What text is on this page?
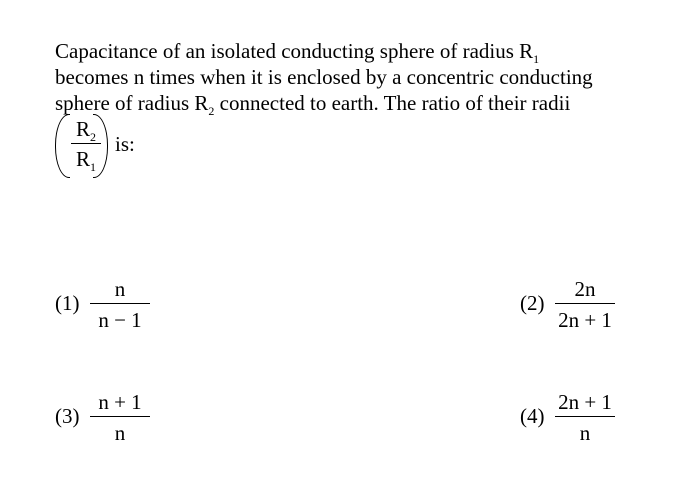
Capacitance of an isolated conducting sphere of radius $R_1$
becomes n times when it is enclosed by a concentric conducting
sphere of radius $R_2$ connected to earth. The ratio of their radii
$R_2$
$R_1$
is:
(1)
n
n − 1
(2)
2n
2n + 1
(3)
n + 1
n
(4)
2n + 1
n
